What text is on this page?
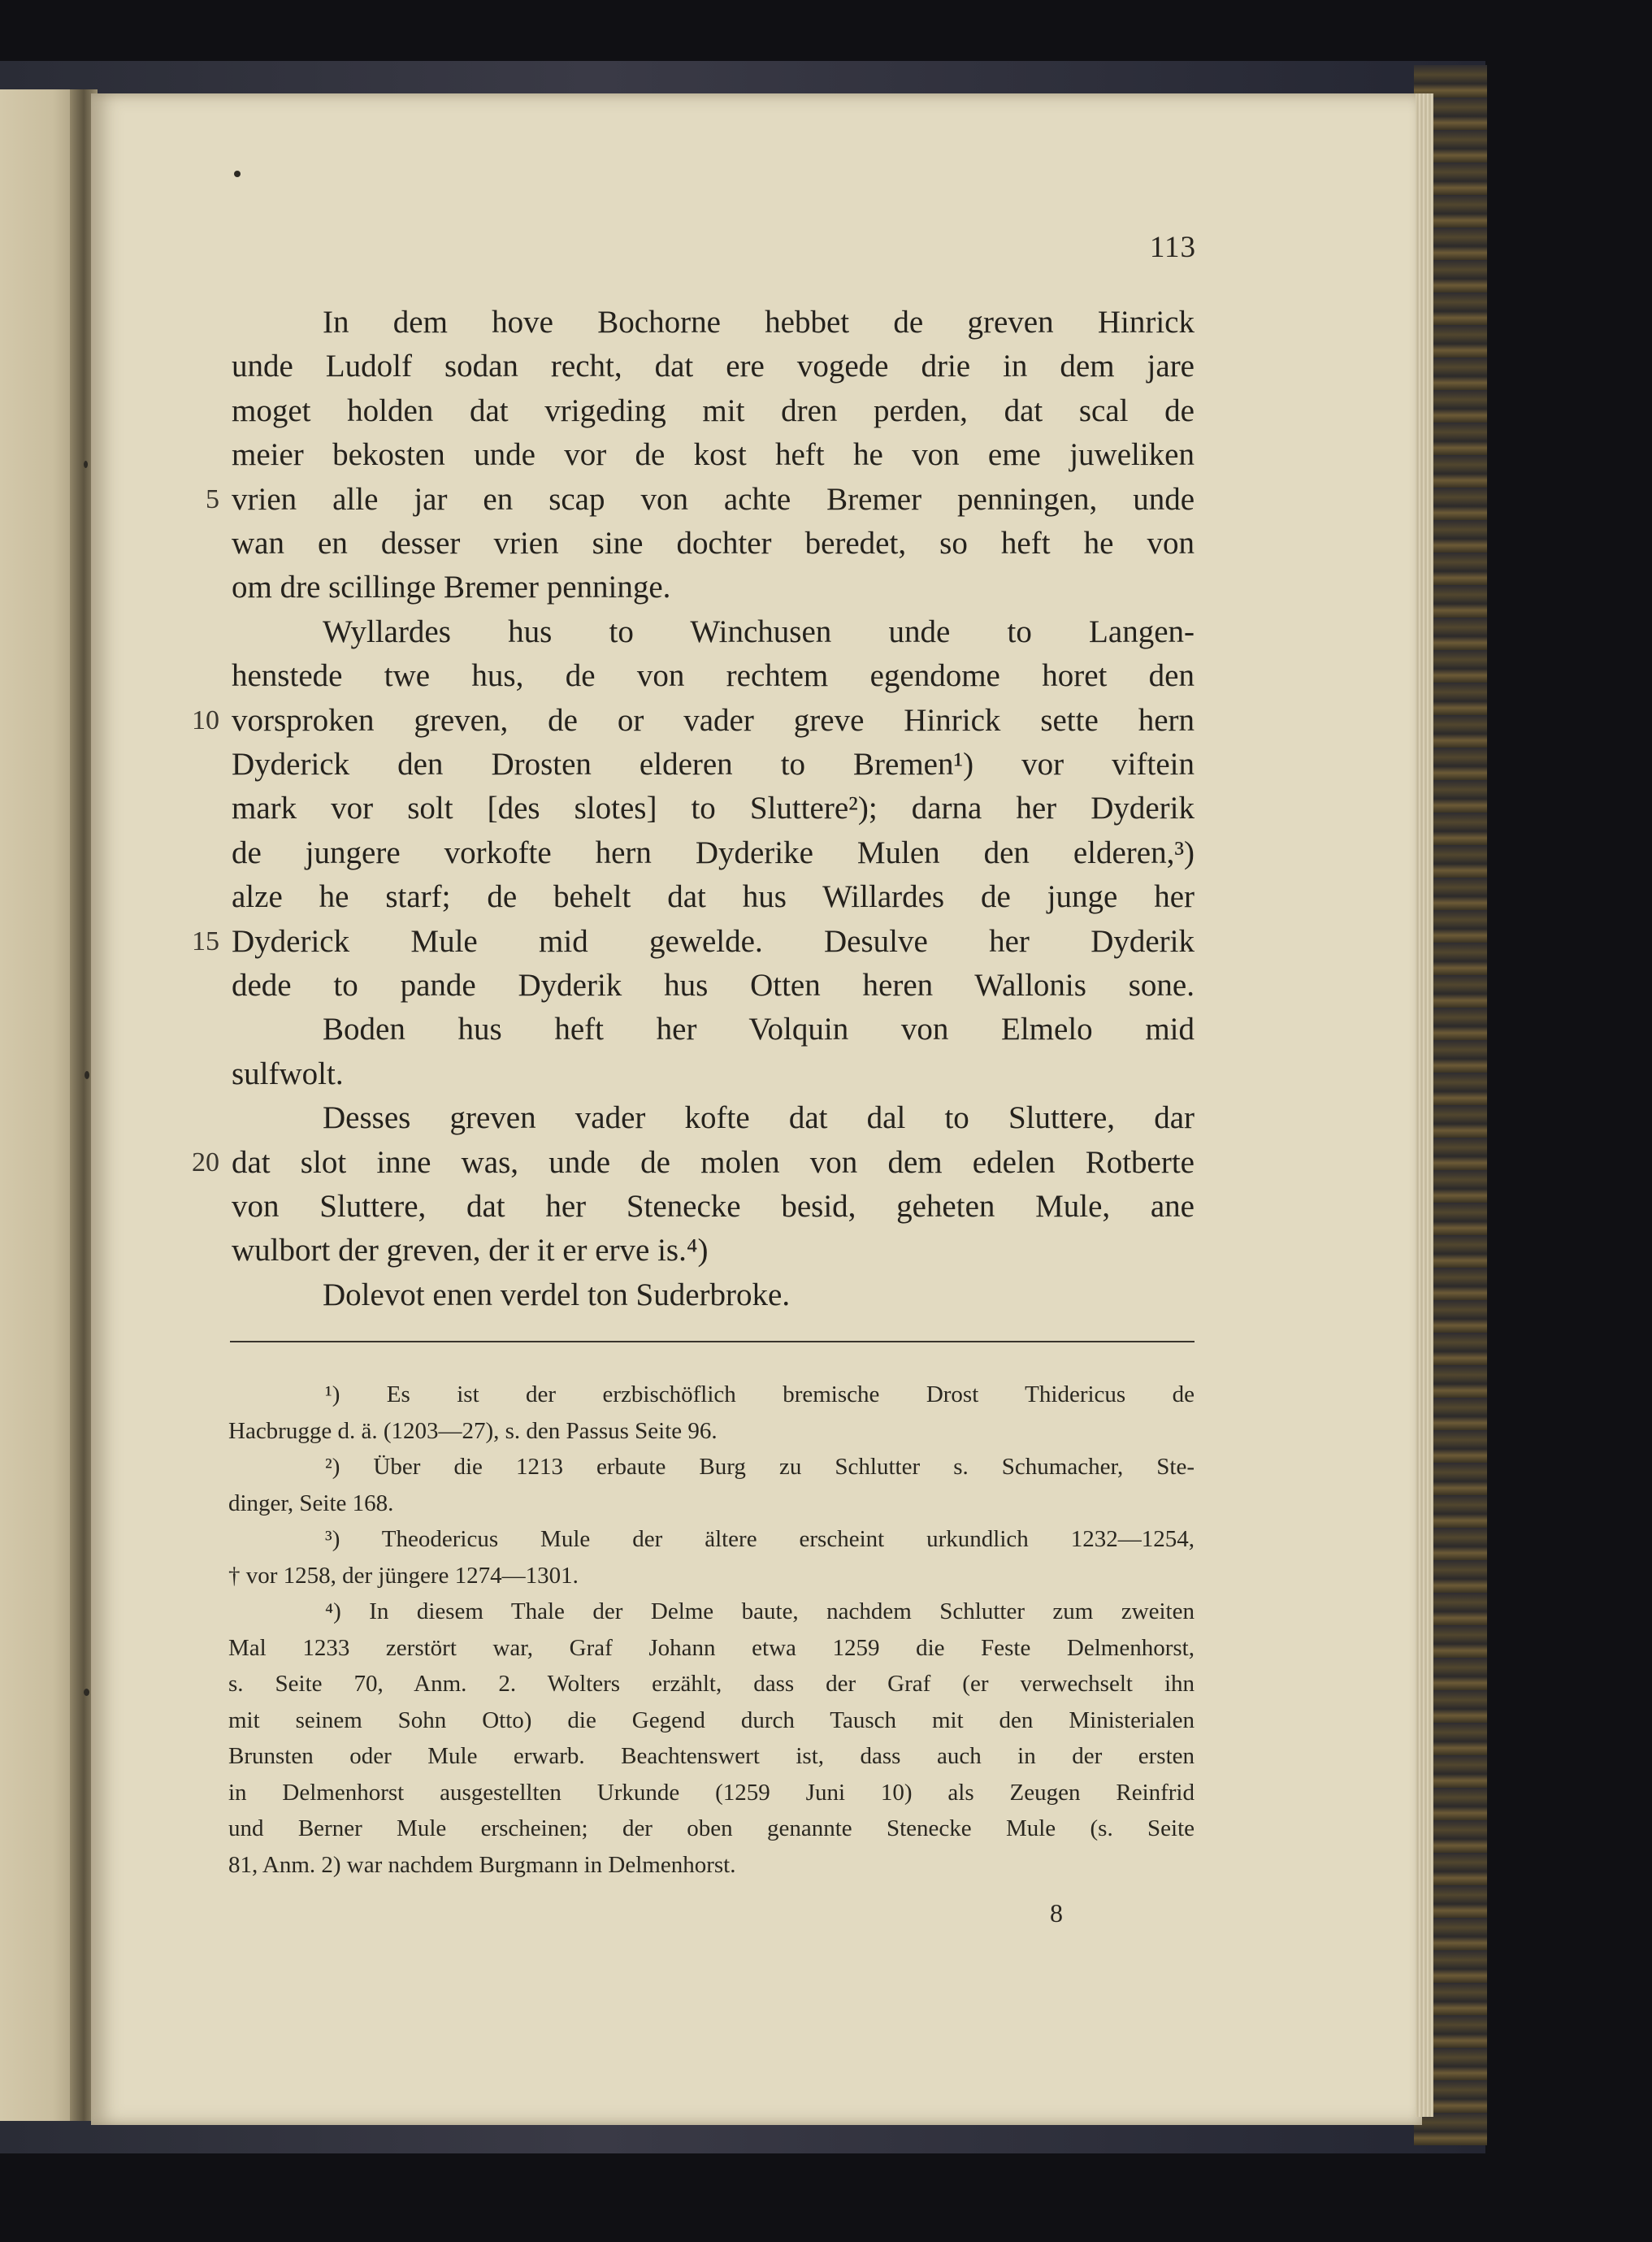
113
In dem hove Bochorne hebbet de greven Hinrick
unde Ludolf sodan recht, dat ere vogede drie in dem jare
moget holden dat vrigeding mit dren perden, dat scal de
meier bekosten unde vor de kost heft he von eme juweliken
vrien alle jar en scap von achte Bremer penningen, unde
5
wan en desser vrien sine dochter beredet, so heft he von
om dre scillinge Bremer penninge.
Wyllardes hus to Winchusen unde to Langen-
henstede twe hus, de von rechtem egendome horet den
vorsproken greven, de or vader greve Hinrick sette hern
10
Dyderick den Drosten elderen to Bremen¹) vor viftein
mark vor solt [des slotes] to Sluttere²); darna her Dyderik
de jungere vorkofte hern Dyderike Mulen den elderen,³)
alze he starf; de behelt dat hus Willardes de junge her
Dyderick Mule mid gewelde. Desulve her Dyderik
15
dede to pande Dyderik hus Otten heren Wallonis sone.
Boden hus heft her Volquin von Elmelo mid
sulfwolt.
Desses greven vader kofte dat dal to Sluttere, dar
dat slot inne was, unde de molen von dem edelen Rotberte
20
von Sluttere, dat her Stenecke besid, geheten Mule, ane
wulbort der greven, der it er erve is.⁴)
Dolevot enen verdel ton Suderbroke.
¹) Es ist der erzbischöflich bremische Drost Thidericus de
Hacbrugge d. ä. (1203—27), s. den Passus Seite 96.
²) Über die 1213 erbaute Burg zu Schlutter s. Schumacher, Ste-
dinger, Seite 168.
³) Theodericus Mule der ältere erscheint urkundlich 1232—1254,
† vor 1258, der jüngere 1274—1301.
⁴) In diesem Thale der Delme baute, nachdem Schlutter zum zweiten
Mal 1233 zerstört war, Graf Johann etwa 1259 die Feste Delmenhorst,
s. Seite 70, Anm. 2. Wolters erzählt, dass der Graf (er verwechselt ihn
mit seinem Sohn Otto) die Gegend durch Tausch mit den Ministerialen
Brunsten oder Mule erwarb. Beachtenswert ist, dass auch in der ersten
in Delmenhorst ausgestellten Urkunde (1259 Juni 10) als Zeugen Reinfrid
und Berner Mule erscheinen; der oben genannte Stenecke Mule (s. Seite
81, Anm. 2) war nachdem Burgmann in Delmenhorst.
8
